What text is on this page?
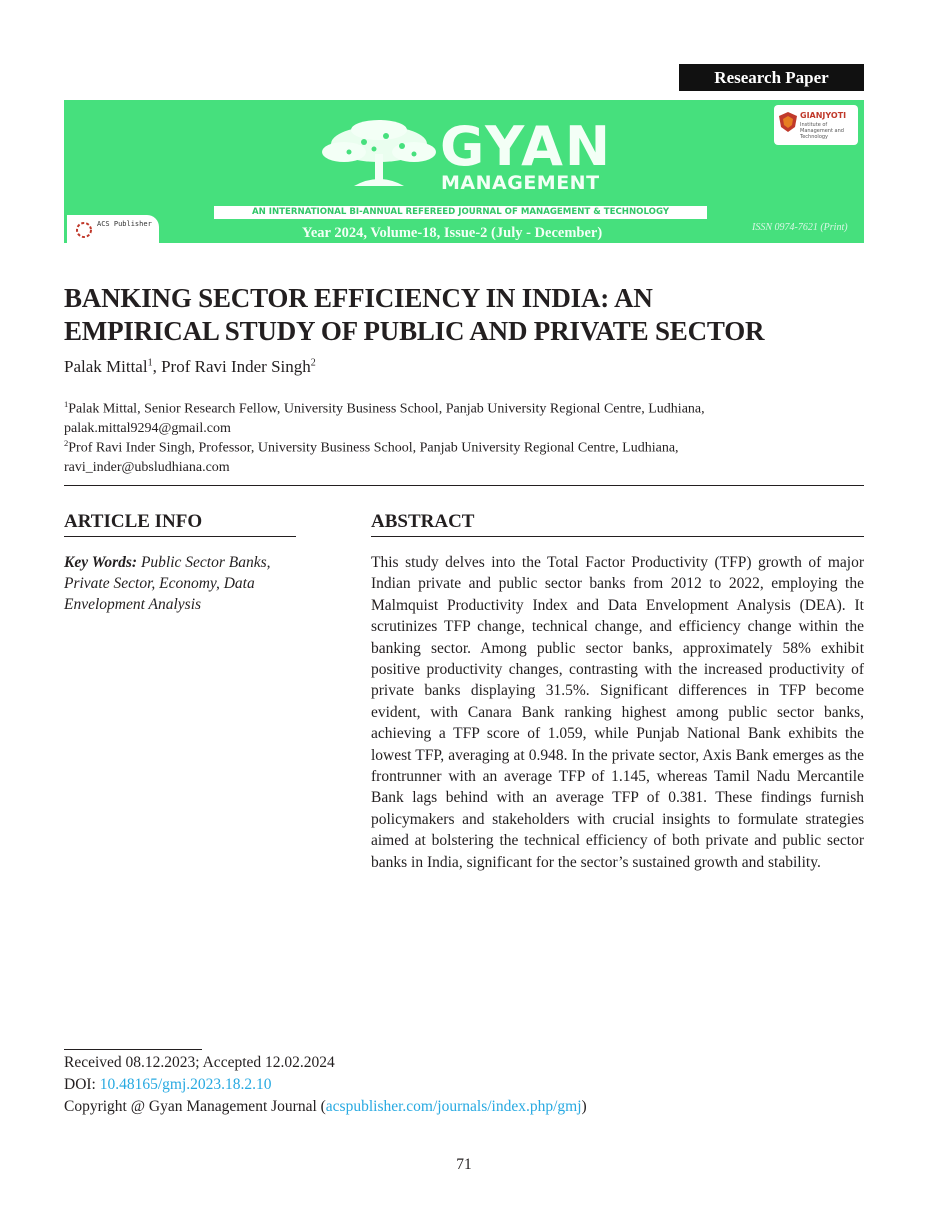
Research Paper
GYAN
MANAGEMENT
AN INTERNATIONAL BI-ANNUAL REFEREED JOURNAL OF MANAGEMENT & TECHNOLOGY
Year 2024, Volume-18, Issue-2 (July - December)	ISSN 0974-7621 (Print)
ACS Publisher
GIANJYOTI
Institute of Management and Technology
BANKING SECTOR EFFICIENCY IN INDIA: AN
EMPIRICAL STUDY OF PUBLIC AND PRIVATE SECTOR
Palak Mittal$^1$, Prof Ravi Inder Singh$^2$
$^1$Palak Mittal, Senior Research Fellow, University Business School, Panjab University Regional Centre, Ludhiana,
palak.mittal9294@gmail.com
$^2$Prof Ravi Inder Singh, Professor, University Business School, Panjab University Regional Centre, Ludhiana,
ravi_inder@ubsludhiana.com
ARTICLE INFO
Key Words: Public Sector Banks, Private Sector, Economy, Data Envelopment Analysis
ABSTRACT
This study delves into the Total Factor Productivity (TFP) growth of major Indian private and public sector banks from 2012 to 2022, employing the Malmquist Productivity Index and Data Envelopment Analysis (DEA). It scrutinizes TFP change, technical change, and efficiency change within the banking sector. Among public sector banks, approximately 58% exhibit positive productivity changes, contrasting with the increased productivity of private banks displaying 31.5%. Significant differences in TFP become evident, with Canara Bank ranking highest among public sector banks, achieving a TFP score of 1.059, while Punjab National Bank exhibits the lowest TFP, averaging at 0.948. In the private sector, Axis Bank emerges as the frontrunner with an average TFP of 1.145, whereas Tamil Nadu Mercantile Bank lags behind with an average TFP of 0.381. These findings furnish policymakers and stakeholders with crucial insights to formulate strategies aimed at bolstering the technical efficiency of both private and public sector banks in India, significant for the sector’s sustained growth and stability.
Received 08.12.2023; Accepted 12.02.2024
DOI: 10.48165/gmj.2023.18.2.10
Copyright @ Gyan Management Journal (acspublisher.com/journals/index.php/gmj)
71
